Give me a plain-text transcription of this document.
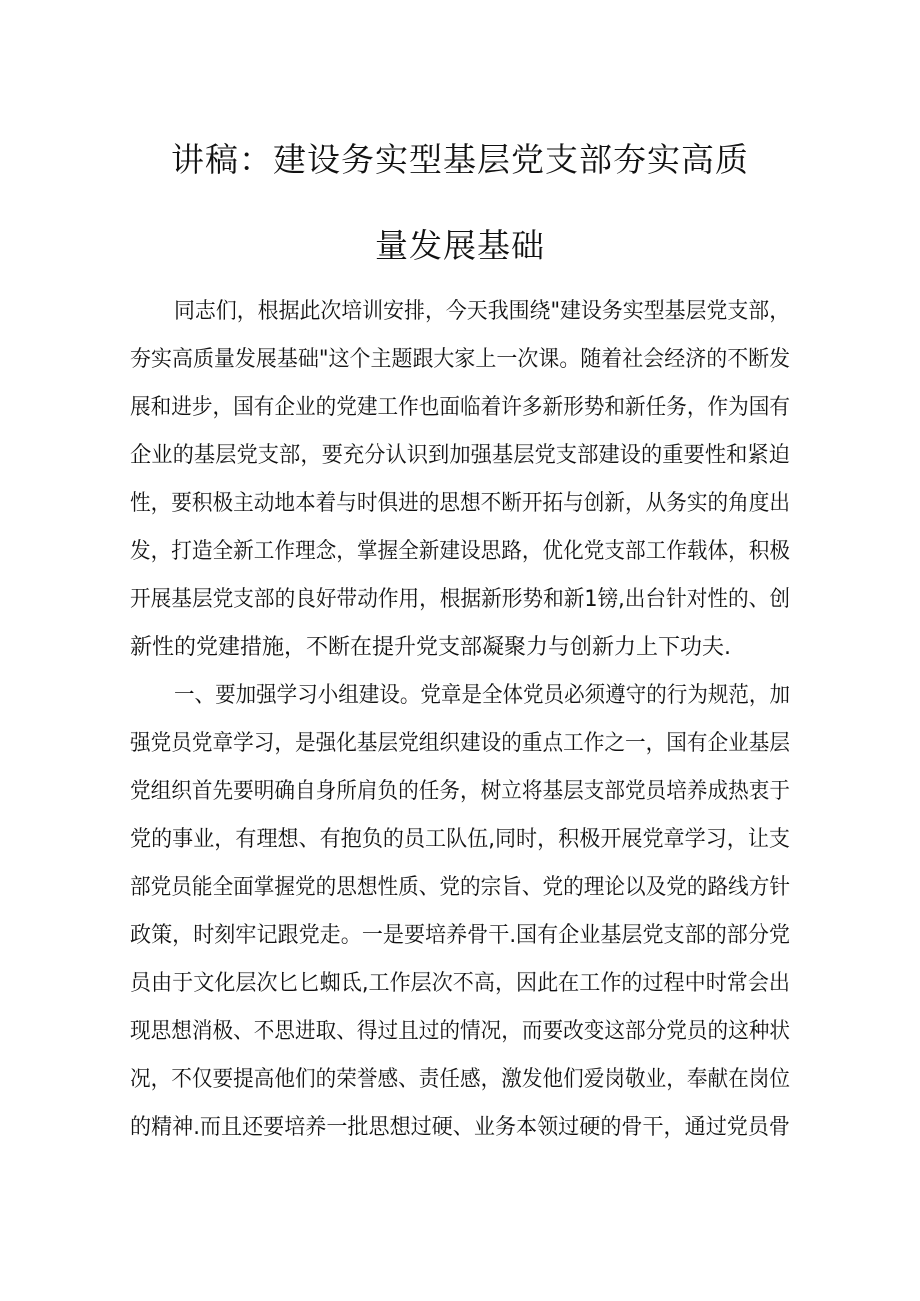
讲稿：建设务实型基层党支部夯实高质
量发展基础
同志们，根据此次培训安排，今天我围绕"建设务实型基层党支部，
夯实高质量发展基础"这个主题跟大家上一次课。随着社会经济的不断发
展和进步，国有企业的党建工作也面临着许多新形势和新任务，作为国有
企业的基层党支部，要充分认识到加强基层党支部建设的重要性和紧迫
性，要积极主动地本着与时俱进的思想不断开拓与创新，从务实的角度出
发，打造全新工作理念，掌握全新建设思路，优化党支部工作载体，积极
开展基层党支部的良好带动作用，根据新形势和新1镑,出台针对性的、创
新性的党建措施，不断在提升党支部凝聚力与创新力上下功夫.
一、要加强学习小组建设。党章是全体党员必须遵守的行为规范，加
强党员党章学习，是强化基层党组织建设的重点工作之一，国有企业基层
党组织首先要明确自身所肩负的任务，树立将基层支部党员培养成热衷于
党的事业，有理想、有抱负的员工队伍,同时，积极开展党章学习，让支
部党员能全面掌握党的思想性质、党的宗旨、党的理论以及党的路线方针
政策，时刻牢记跟党走。一是要培养骨干.国有企业基层党支部的部分党
员由于文化层次匕匕蜘氐,工作层次不高，因此在工作的过程中时常会出
现思想消极、不思进取、得过且过的情况，而要改变这部分党员的这种状
况，不仅要提高他们的荣誉感、责任感，激发他们爱岗敬业，奉献在岗位
的精神.而且还要培养一批思想过硬、业务本领过硬的骨干，通过党员骨
